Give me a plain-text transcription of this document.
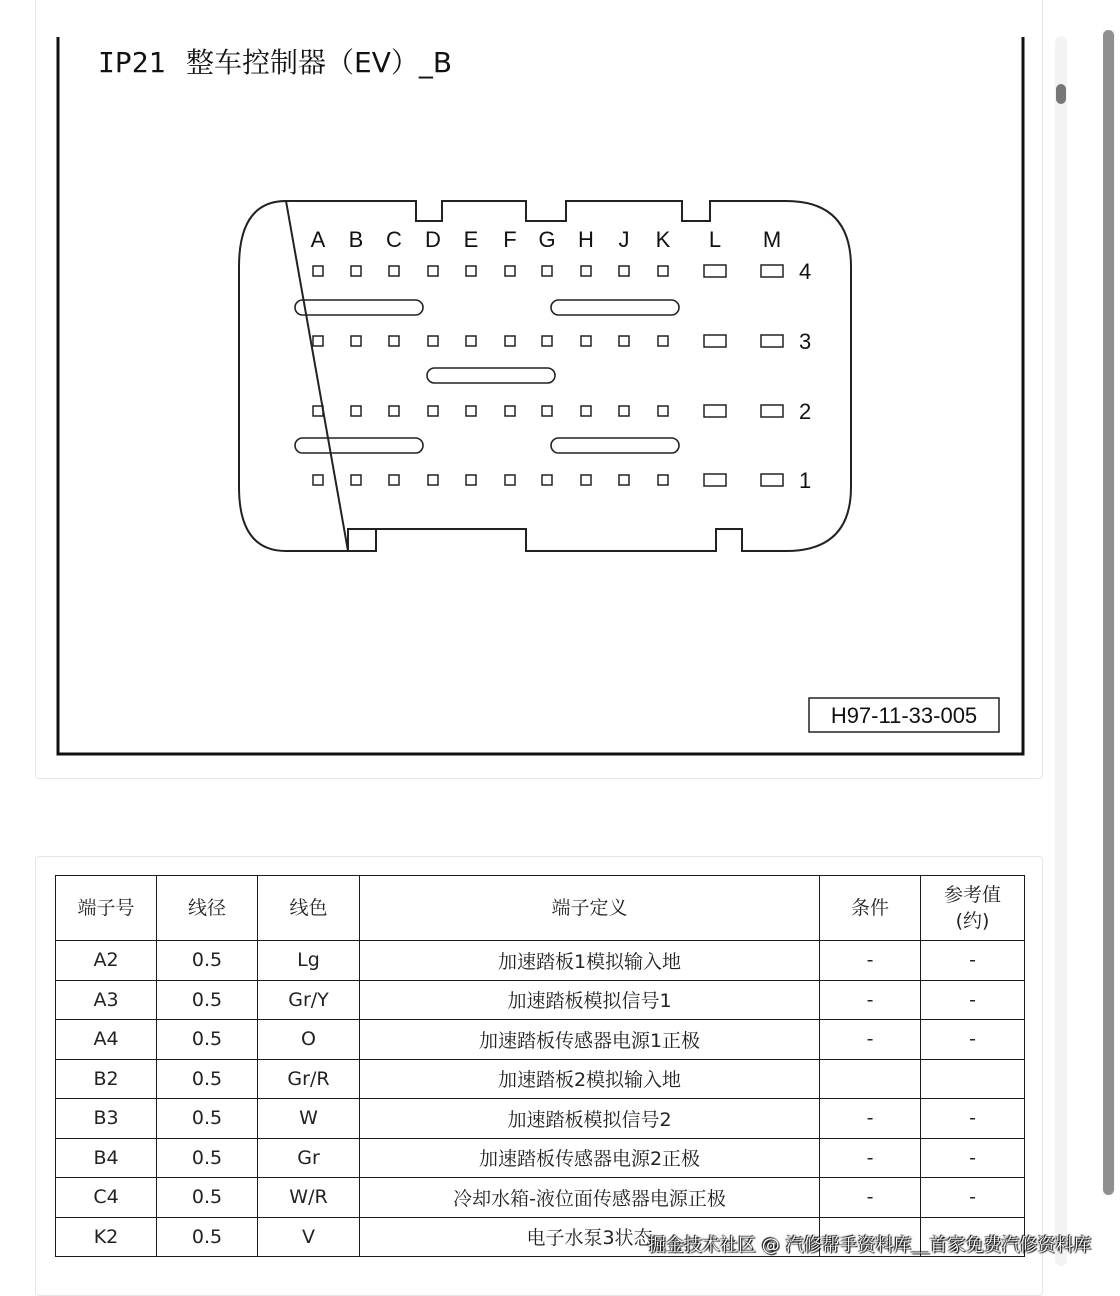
IP21 整车控制器（EV）_B
A B C D E F G H J K L M
4
3
2
1
H97-11-33-005
端子号	线径	线色	端子定义	条件	参考值
(约)
A2	0.5	Lg	加速踏板1模拟输入地	-	-
A3	0.5	Gr/Y	加速踏板模拟信号1	-	-
A4	0.5	O	加速踏板传感器电源1正极	-	-
B2	0.5	Gr/R	加速踏板2模拟输入地		
B3	0.5	W	加速踏板模拟信号2	-	-
B4	0.5	Gr	加速踏板传感器电源2正极	-	-
C4	0.5	W/R	冷却水箱-液位面传感器电源正极	-	-
K2	0.5	V	电子水泵3状态		
掘金技术社区 @ 汽修帮手资料库＿首家免费汽修资料库
